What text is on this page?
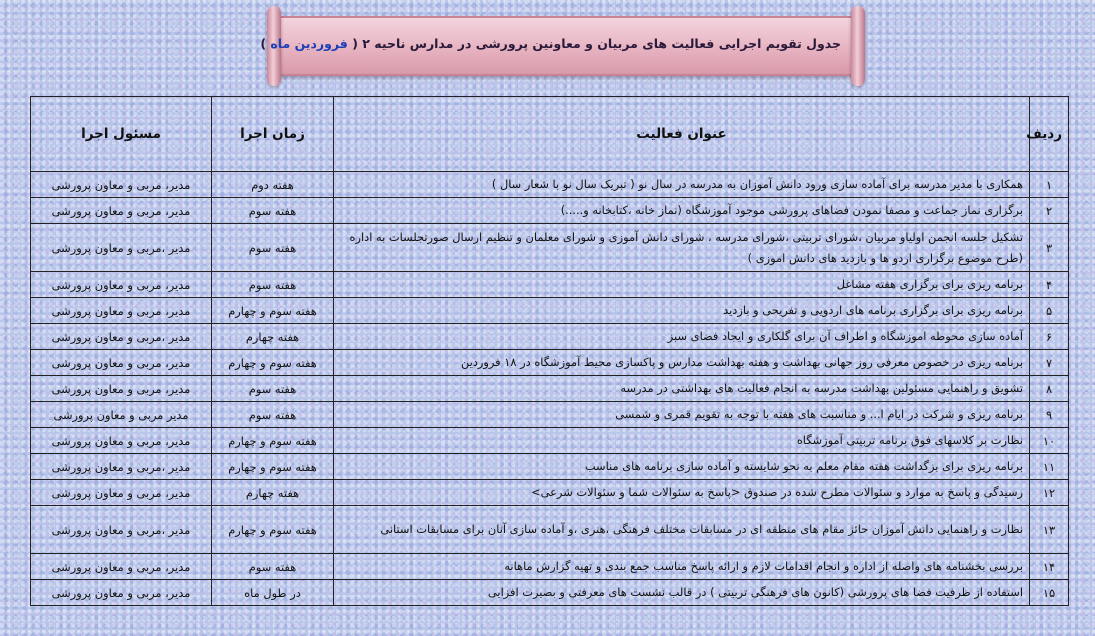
جدول تقویم اجرایی فعالیت های مربیان و معاونین پرورشی در مدارس ناحیه ۲ ( فروردین ماه )
ردیف	عنوان فعالیت	زمان اجرا	مسئول اجرا
۱	همکاری با مدیر مدرسه برای آماده سازی ورود دانش آموزان به مدرسه در سال نو ( تبریک سال نو با شعار سال )	هفته دوم	مدیر، مربی و معاون پرورشی
۲	برگزاری نماز جماعت و مصفا نمودن فضاهای پرورشی موجود آموزشگاه (نماز خانه ،کتابخانه و.....)	هفته سوم	مدیر، مربی و معاون پرورشی
۳	تشکیل جلسه انجمن اولیاو مربیان ،شورای تربیتی ،شورای مدرسه ، شورای دانش آموزی و شورای معلمان و تنظیم ارسال صورتجلسات به اداره (طرح موضوع برگزاری اردو ها و بازدید های دانش اموزی )	هفته سوم	مدیر ،مربی و معاون پرورشی
۴	برنامه ریزی برای برگزاری هفته مشاغل	هفته سوم	مدیر، مربی و معاون پرورشی
۵	برنامه ریزی برای برگزاری برنامه های اردویی و تفریحی و بازدید	هفته سوم و چهارم	مدیر، مربی و معاون پرورشی
۶	آماده سازی محوطه اموزشگاه و اطراف آن برای گلکاری و ایجاد فضای سبز	هفته چهارم	مدیر ،مربی و معاون پرورشی
۷	برنامه ریزی در خصوص معرفی روز جهانی بهداشت و هفته بهداشت مدارس و پاکسازی محیط آموزشگاه در ۱۸ فروردین	هفته سوم و چهارم	مدیر، مربی و معاون پرورشی
۸	تشویق و راهنمایی مسئولین بهداشت مدرسه به انجام فعالیت های بهداشتی در مدرسه	هفته سوم	مدیر، مربی و معاون پرورشی
۹	برنامه ریزی و شرکت در ایام ا... و مناسبت های هفته با توجه به تقویم قمری و شمسی	هفته سوم	مدیر مربی و معاون پرورشی
۱۰	نظارت بر کلاسهای فوق برنامه تربیتی آموزشگاه	هفته سوم و چهارم	مدیر، مربی و معاون پرورشی
۱۱	برنامه ریزی برای بزگداشت هفته مقام معلم به نحو شایسته و آماده سازی برنامه های مناسب	هفته سوم و چهارم	مدیر ،مربی و معاون پرورشی
۱۲	رسیدگی و پاسخ به موارد و سئوالات مطرح شده در صندوق <پاسخ به سئوالات شما و سئوالات شرعی>	هفته چهارم	مدیر، مربی و معاون پرورشی
۱۳	نظارت و راهنمایی دانش آموزان حائز مقام های منطقه ای در مسابقات مختلف فرهنگی ،هنری ،و آماده سازی آنان برای مسابقات استانی	هفته سوم و چهارم	مدیر ،مربی و معاون پرورشی
۱۴	بررسی بخشنامه های واصله از اداره و انجام اقدامات لازم و ارائه پاسخ مناسب جمع بندی و تهیه گزارش ماهانه	هفته سوم	مدیر، مربی و معاون پرورشی
۱۵	استفاده از ظرفیت فضا های پرورشی (کانون های فرهنگی تربیتی ) در قالب نشست های معرفتی و بصیرت افزایی	در طول ماه	مدیر، مربی و معاون پرورشی
